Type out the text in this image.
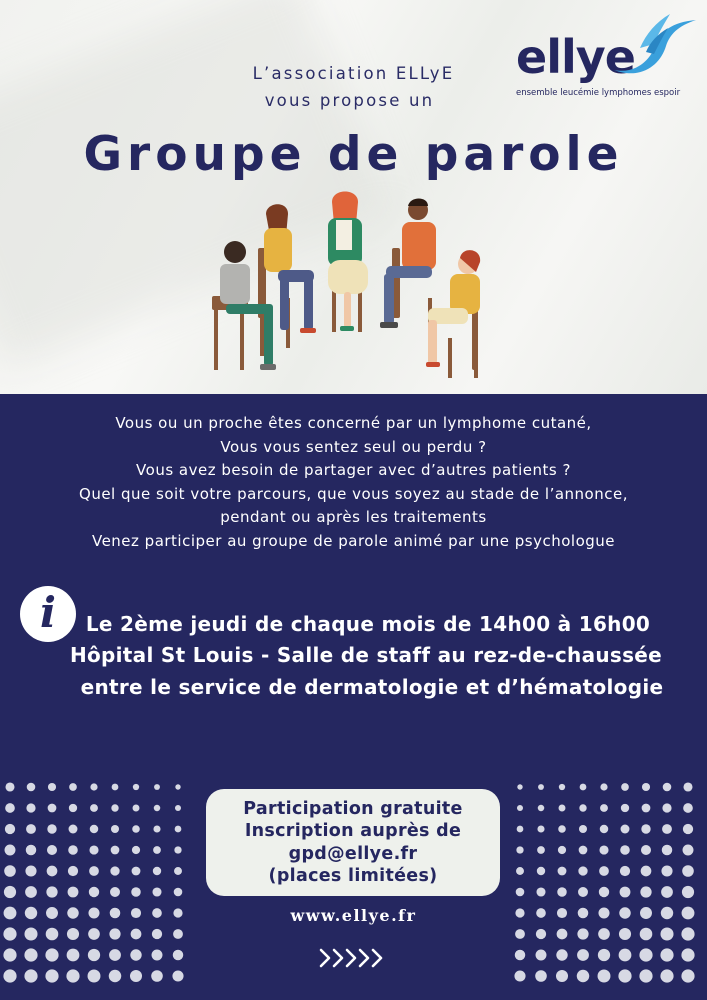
L’association ELLyE
vous propose un
Groupe de parole
ellye
ensemble leucémie lymphomes espoir
Vous ou un proche êtes concerné par un lymphome cutané,
Vous vous sentez seul ou perdu ?
Vous avez besoin de partager avec d’autres patients ?
Quel que soit votre parcours, que vous soyez au stade de l’annonce,
pendant ou après les traitements
Venez participer au groupe de parole animé par une psychologue
i	Le 2ème jeudi de chaque mois de 14h00 à 16h00
Hôpital St Louis - Salle de staff au rez-de-chaussée
entre le service de dermatologie et d’hématologie
Participation gratuite
Inscription auprès de
gpd@ellye.fr
(places limitées)
www.ellye.fr
